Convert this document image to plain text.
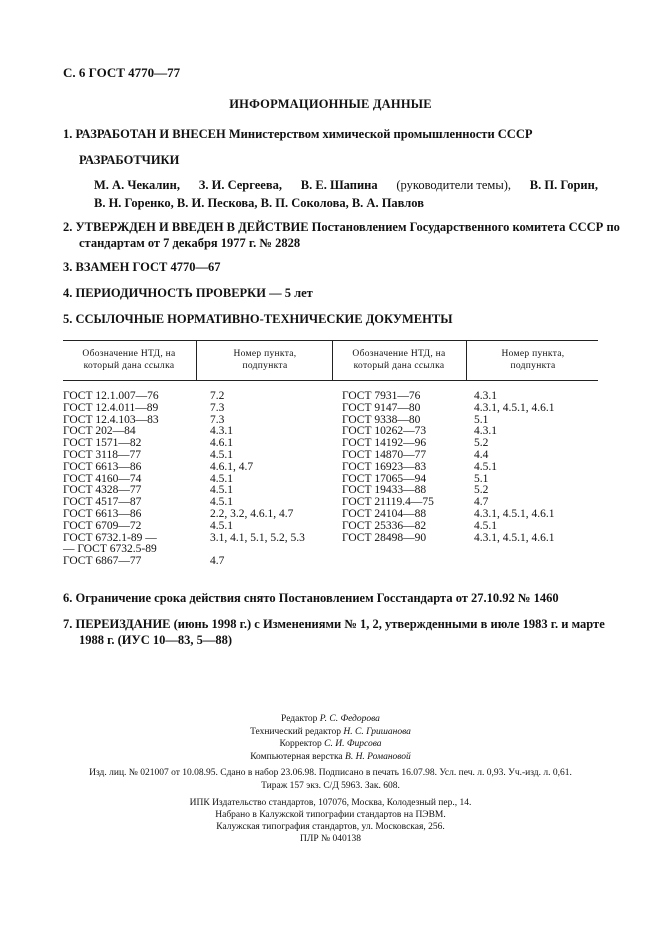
С. 6 ГОСТ 4770—77
ИНФОРМАЦИОННЫЕ ДАННЫЕ
1. РАЗРАБОТАН И ВНЕСЕН Министерством химической промышленности СССР
РАЗРАБОТЧИКИ
М. А. Чекалин, З. И. Сергеева, В. Е. Шапина (руководители темы), В. П. Горин,
В. Н. Горенко, В. И. Пескова, В. П. Соколова, В. А. Павлов
2. УТВЕРЖДЕН И ВВЕДЕН В ДЕЙСТВИЕ Постановлением Государственного комитета СССР по
стандартам от 7 декабря 1977 г. № 2828
3. ВЗАМЕН ГОСТ 4770—67
4. ПЕРИОДИЧНОСТЬ ПРОВЕРКИ — 5 лет
5. ССЫЛОЧНЫЕ НОРМАТИВНО-ТЕХНИЧЕСКИЕ ДОКУМЕНТЫ
Обозначение НТД, на который дана ссылка
Номер пункта, подпункта
Обозначение НТД, на который дана ссылка
Номер пункта, подпункта
ГОСТ 12.1.007—76
ГОСТ 12.4.011—89
ГОСТ 12.4.103—83
ГОСТ 202—84
ГОСТ 1571—82
ГОСТ 3118—77
ГОСТ 6613—86
ГОСТ 4160—74
ГОСТ 4328—77
ГОСТ 4517—87
ГОСТ 6613—86
ГОСТ 6709—72
ГОСТ 6732.1-89 —
— ГОСТ 6732.5-89
ГОСТ 6867—77
7.2
7.3
7.3
4.3.1
4.6.1
4.5.1
4.6.1, 4.7
4.5.1
4.5.1
4.5.1
2.2, 3.2, 4.6.1, 4.7
4.5.1
3.1, 4.1, 5.1, 5.2, 5.3

4.7
ГОСТ 7931—76
ГОСТ 9147—80
ГОСТ 9338—80
ГОСТ 10262—73
ГОСТ 14192—96
ГОСТ 14870—77
ГОСТ 16923—83
ГОСТ 17065—94
ГОСТ 19433—88
ГОСТ 21119.4—75
ГОСТ 24104—88
ГОСТ 25336—82
ГОСТ 28498—90
4.3.1
4.3.1, 4.5.1, 4.6.1
5.1
4.3.1
5.2
4.4
4.5.1
5.1
5.2
4.7
4.3.1, 4.5.1, 4.6.1
4.5.1
4.3.1, 4.5.1, 4.6.1
6. Ограничение срока действия снято Постановлением Госстандарта от 27.10.92 № 1460
7. ПЕРЕИЗДАНИЕ (июнь 1998 г.) с Изменениями № 1, 2, утвержденными в июле 1983 г. и марте
1988 г. (ИУС 10—83, 5—88)
Редактор Р. С. Федорова
Технический редактор Н. С. Гришанова
Корректор С. И. Фирсова
Компьютерная верстка В. Н. Романовой
Изд. лиц. № 021007 от 10.08.95. Сдано в набор 23.06.98. Подписано в печать 16.07.98. Усл. печ. л. 0,93. Уч.-изд. л. 0,61.
Тираж 157 экз. С/Д 5963. Зак. 608.
ИПК Издательство стандартов, 107076, Москва, Колодезный пер., 14.
Набрано в Калужской типографии стандартов на ПЭВМ.
Калужская типография стандартов, ул. Московская, 256.
ПЛР № 040138
